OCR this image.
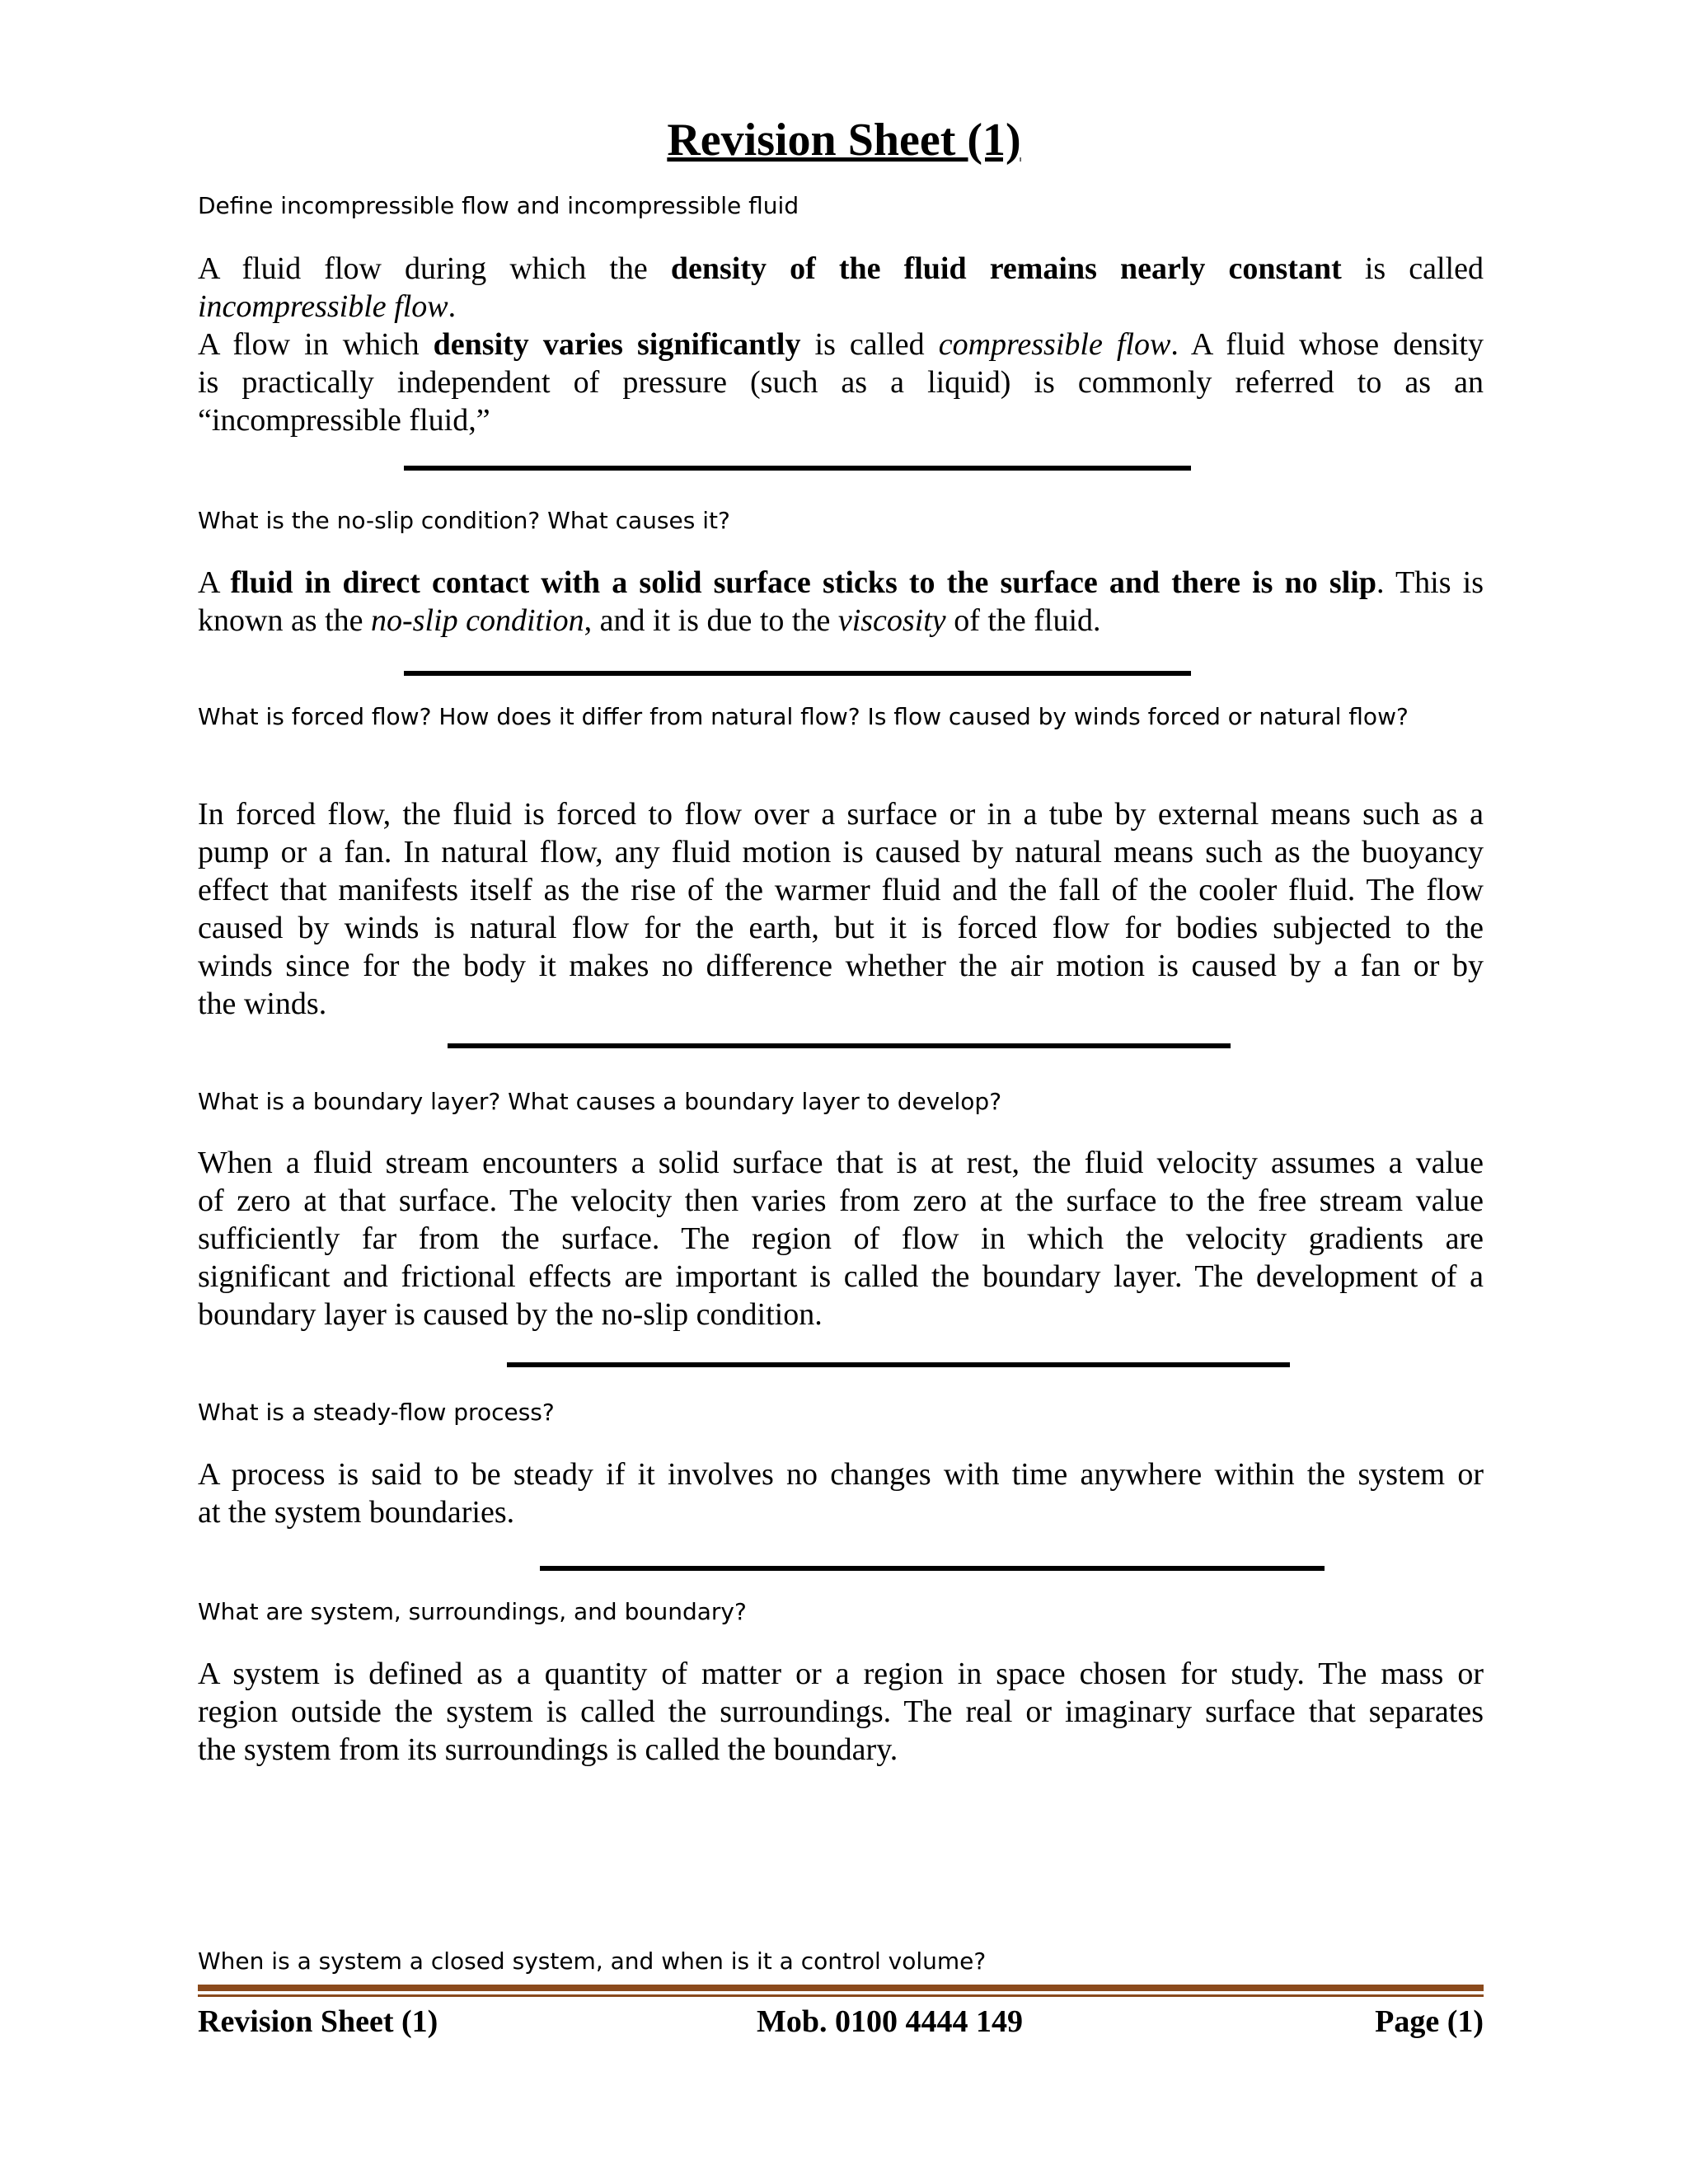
Revision Sheet (1)

Define incompressible flow and incompressible fluid

A fluid flow during which the density of the fluid remains nearly constant is called
incompressible flow.
A flow in which density varies significantly is called compressible flow. A fluid whose density
is practically independent of pressure (such as a liquid) is commonly referred to as an
“incompressible fluid,”

What is the no-slip condition? What causes it?

A fluid in direct contact with a solid surface sticks to the surface and there is no slip. This is
known as the no-slip condition, and it is due to the viscosity of the fluid.

What is forced flow? How does it differ from natural flow? Is flow caused by winds forced or natural flow?

In forced flow, the fluid is forced to flow over a surface or in a tube by external means such as a
pump or a fan. In natural flow, any fluid motion is caused by natural means such as the buoyancy
effect that manifests itself as the rise of the warmer fluid and the fall of the cooler fluid. The flow
caused by winds is natural flow for the earth, but it is forced flow for bodies subjected to the
winds since for the body it makes no difference whether the air motion is caused by a fan or by
the winds.

What is a boundary layer? What causes a boundary layer to develop?

When a fluid stream encounters a solid surface that is at rest, the fluid velocity assumes a value
of zero at that surface. The velocity then varies from zero at the surface to the free stream value
sufficiently far from the surface. The region of flow in which the velocity gradients are
significant and frictional effects are important is called the boundary layer. The development of a
boundary layer is caused by the no-slip condition.

What is a steady-flow process?

A process is said to be steady if it involves no changes with time anywhere within the system or
at the system boundaries.

What are system, surroundings, and boundary?

A system is defined as a quantity of matter or a region in space chosen for study. The mass or
region outside the system is called the surroundings. The real or imaginary surface that separates
the system from its surroundings is called the boundary.

When is a system a closed system, and when is it a control volume?

Revision Sheet (1)	Mob. 0100 4444 149	Page (1)
